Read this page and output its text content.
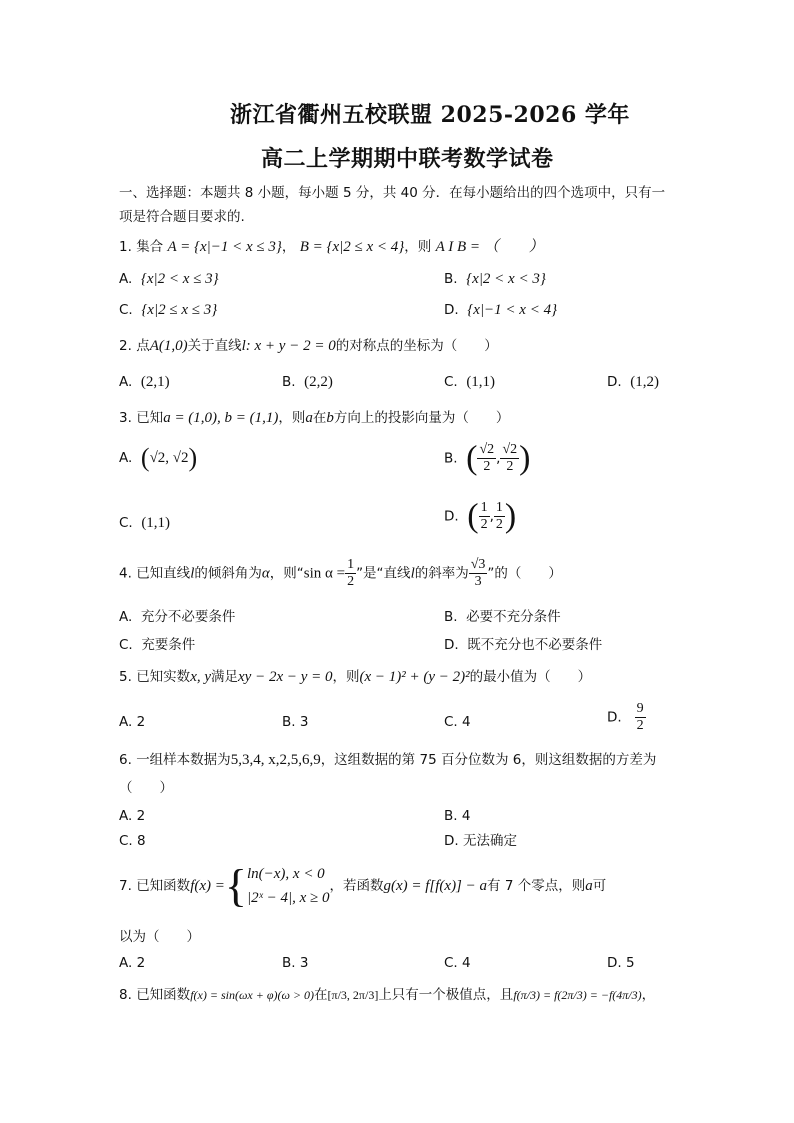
浙江省衢州五校联盟 2025-2026 学年
高二上学期期中联考数学试卷
一、选择题：本题共 8 小题，每小题 5 分，共 40 分．在每小题给出的四个选项中，只有一
项是符合题目要求的.
1. 集合 A = {x|−1 < x ≤ 3}， B = {x|2 ≤ x < 4}，则 A I B = （　　）
A. {x|2 < x ≤ 3}	B. {x|2 < x < 3}
C. {x|2 ≤ x ≤ 3}	D. {x|−1 < x < 4}
2. 点A(1,0)关于直线l: x + y − 2 = 0的对称点的坐标为（　　）
A. (2,1)	B. (2,2)	C. (1,1)	D. (1,2)
3. 已知a = (1,0), b = (1,1)，则a在b方向上的投影向量为（　　）
A. (√2, √2)	B. ( $\frac{√2}{2}$ , $\frac{√2}{2}$ )
C. (1,1)	D. ( $\frac{1}{2}$ , $\frac{1}{2}$ )
4. 已知直线l的倾斜角为α，则“sin $\alpha = \frac{1}{2}$ ”是“直线l的斜率为 $\frac{√3}{3}$ ”的（　　）
A. 充分不必要条件	B. 必要不充分条件
C. 充要条件	D. 既不充分也不必要条件
5. 已知实数x, y满足xy − 2x − y = 0，则(x − 1)² + (y − 2)²的最小值为（　　）
A. 2	B. 3	C. 4	D. $\frac{9}{2}$
6. 一组样本数据为5,3,4, x,2,5,6,9，这组数据的第 75 百分位数为 6，则这组数据的方差为
（　　）
A. 2	B. 4
C. 8	D. 无法确定
7. 已知函数f(x) ={ ln(−x), x < 0
|2ˣ − 4|, x ≥ 0
，若函数g(x) = f[f(x)] − a有 7 个零点，则a可
以为（　　）
A. 2	B. 3	C. 4	D. 5
8. 已知函数f(x) = sin(ωx + φ)(ω > 0)在[π/3, 2π/3]上只有一个极值点，且f(π/3) = f(2π/3) = −f(4π/3)，
